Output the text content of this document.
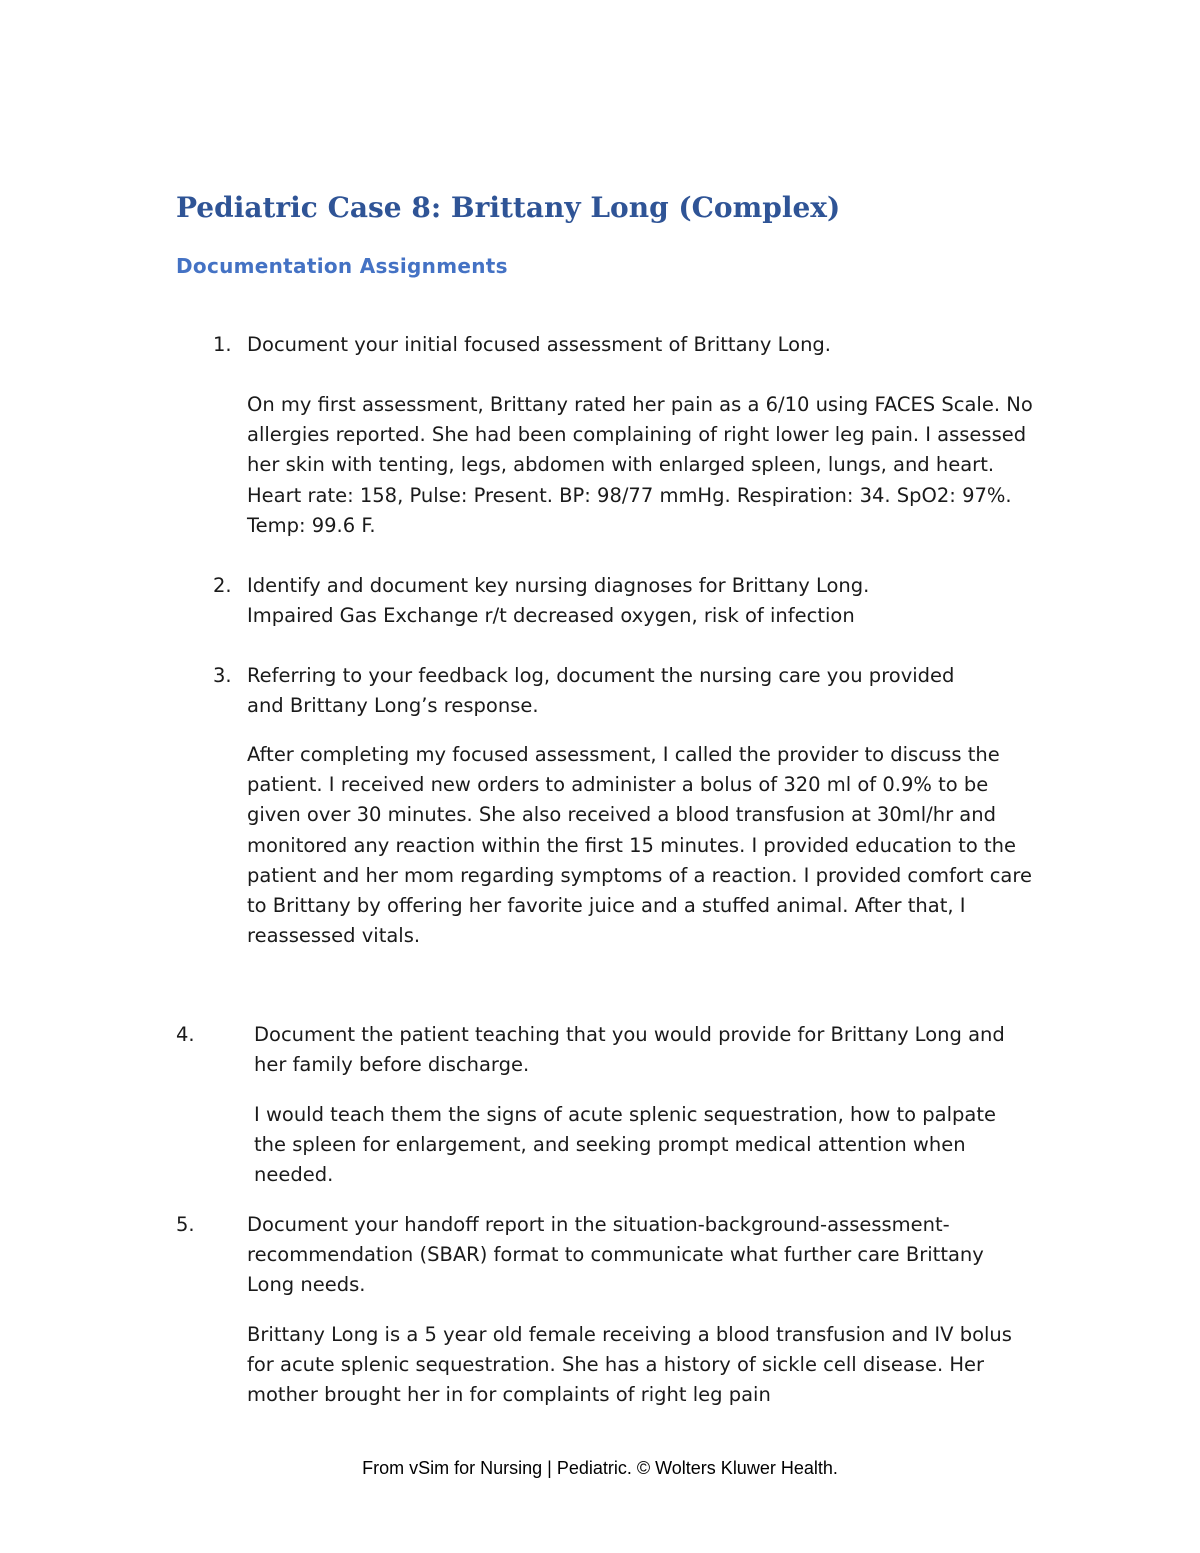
Pediatric Case 8: Brittany Long (Complex)
Documentation Assignments
1. Document your initial focused assessment of Brittany Long.

On my first assessment, Brittany rated her pain as a 6/10 using FACES Scale. No allergies reported. She had been complaining of right lower leg pain. I assessed her skin with tenting, legs, abdomen with enlarged spleen, lungs, and heart. Heart rate: 158, Pulse: Present. BP: 98/77 mmHg. Respiration: 34. SpO2: 97%. Temp: 99.6 F.

2. Identify and document key nursing diagnoses for Brittany Long.

Impaired Gas Exchange r/t decreased oxygen, risk of infection

3. Referring to your feedback log, document the nursing care you provided and Brittany Long’s response.

After completing my focused assessment, I called the provider to discuss the patient. I received new orders to administer a bolus of 320 ml of 0.9% to be given over 30 minutes. She also received a blood transfusion at 30ml/hr and monitored any reaction within the first 15 minutes. I provided education to the patient and her mom regarding symptoms of a reaction. I provided comfort care to Brittany by offering her favorite juice and a stuffed animal. After that, I reassessed vitals.

4.	Document the patient teaching that you would provide for Brittany Long and her family before discharge.

I would teach them the signs of acute splenic sequestration, how to palpate the spleen for enlargement, and seeking prompt medical attention when needed.

5.	Document your handoff report in the situation-background-assessment-recommendation (SBAR) format to communicate what further care Brittany Long needs.

Brittany Long is a 5 year old female receiving a blood transfusion and IV bolus for acute splenic sequestration. She has a history of sickle cell disease. Her mother brought her in for complaints of right leg pain

From vSim for Nursing | Pediatric. © Wolters Kluwer Health.
